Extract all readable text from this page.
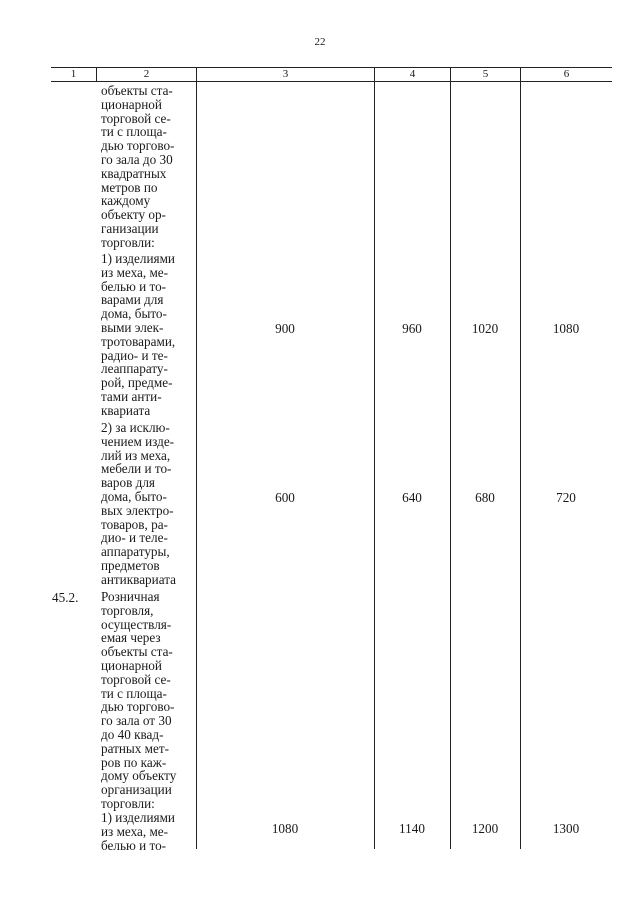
22
1	2	3	4	5	6
объекты ста-
ционарной
торговой се-
ти с площа-
дью торгово-
го зала до 30
квадратных
метров по
каждому
объекту ор-
ганизации
торговли:
1) изделиями
из меха, ме-
белью и то-
варами для
дома, быто-
выми элек-
тротоварами,
радио- и те-
леаппарату-
рой, предме-
тами анти-
квариата
900	960	1020	1080
2) за исклю-
чением изде-
лий из меха,
мебели и то-
варов для
дома, быто-
вых электро-
товаров, ра-
дио- и теле-
аппаратуры,
предметов
антиквариата
600	640	680	720
45.2.	Розничная
торговля,
осуществля-
емая через
объекты ста-
ционарной
торговой се-
ти с площа-
дью торгово-
го зала от 30
до 40 квад-
ратных мет-
ров по каж-
дому объекту
организации
торговли:
1) изделиями
из меха, ме-
белью и то-
1080	1140	1200	1300
